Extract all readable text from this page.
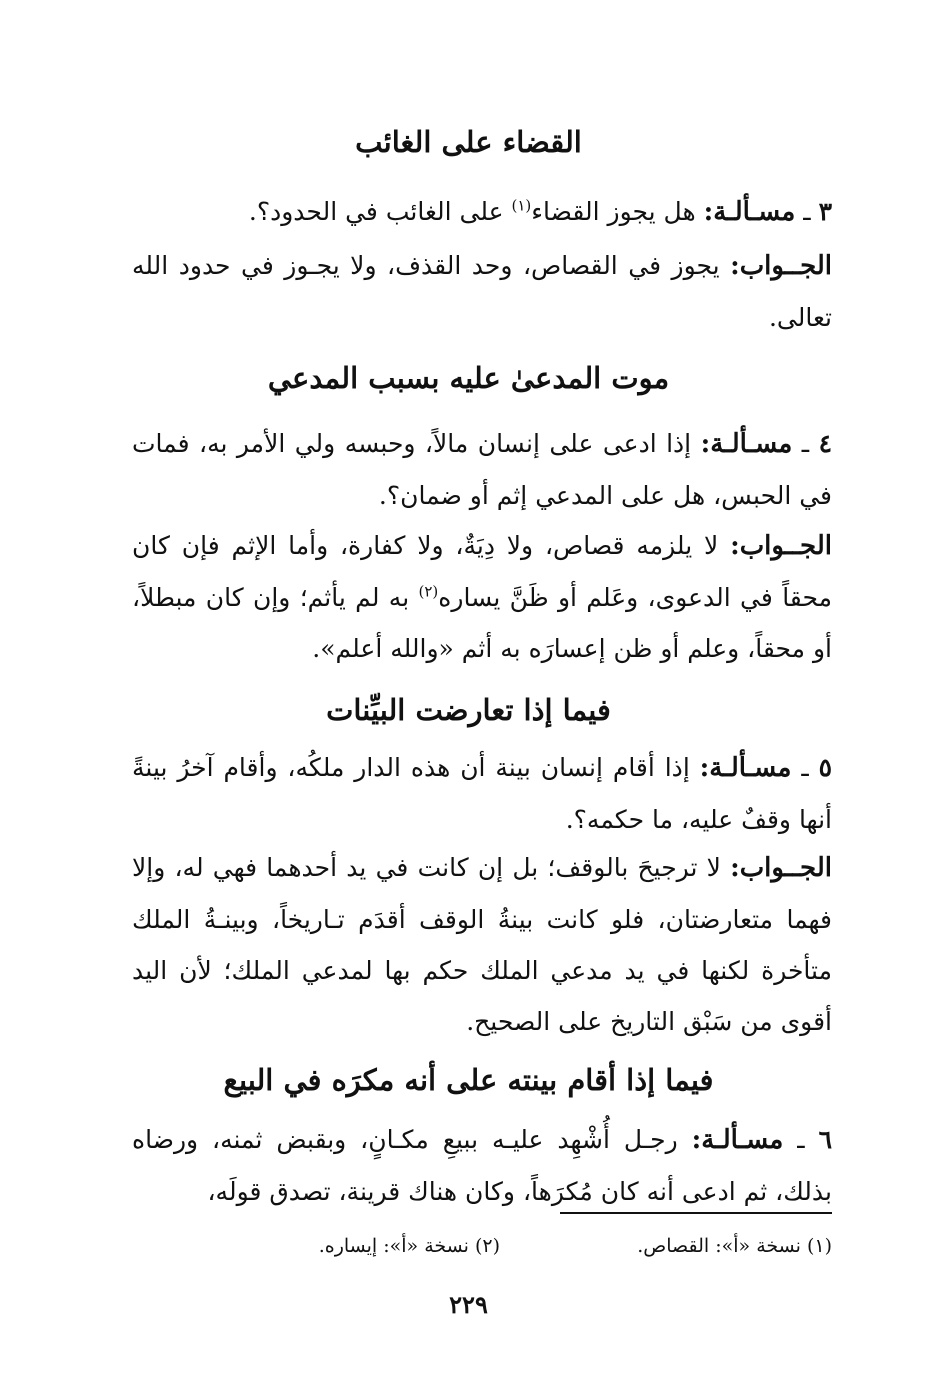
القضاء على الغائب
٣ ـ مسـألـة: هل يجوز القضاء$^{(١)}$ على الغائب في الحدود؟.
الجــواب: يجوز في القصاص، وحد القذف، ولا يجـوز في حدود الله تعالى.
موت المدعىٰ عليه بسبب المدعي
٤ ـ مسـألـة: إذا ادعى على إنسان مالاً، وحبسه ولي الأمر به، فمات في الحبس، هل على المدعي إثم أو ضمان؟.
الجــواب: لا يلزمه قصاص، ولا دِيَةٌ، ولا كفارة، وأما الإثم فإن كان محقاً في الدعوى، وعَلم أو ظَنَّ يساره$^{(٢)}$ به لم يأثم؛ وإن كان مبطلاً، أو محقاً، وعلم أو ظن إعسارَه به أثم «والله أعلم».
فيما إذا تعارضت البيِّنات
٥ ـ مسـألـة: إذا أقام إنسان بينة أن هذه الدار ملكُه، وأقام آخرُ بينةً أنها وقفٌ عليه، ما حكمه؟.
الجــواب: لا ترجيحَ بالوقف؛ بل إن كانت في يد أحدهما فهي له، وإلا فهما متعارضتان، فلو كانت بينةُ الوقف أقدَم تـاريخاً، وبينـةُ الملك متأخرة لكنها في يد مدعي الملك حكم بها لمدعي الملك؛ لأن اليد أقوى من سَبْق التاريخ على الصحيح.
فيما إذا أقام بينته على أنه مكرَه في البيع
٦ ـ مسـألـة: رجـل أُشْهِد عليـه ببيعِ مكـانٍ، وبقبض ثمنه، ورضاه بذلك، ثم ادعى أنه كان مُكرَهاً، وكان هناك قرينة، تصدق قولَه،
(١) نسخة «أ»: القصاص.
(٢) نسخة «أ»: إيساره.
٢٢٩
